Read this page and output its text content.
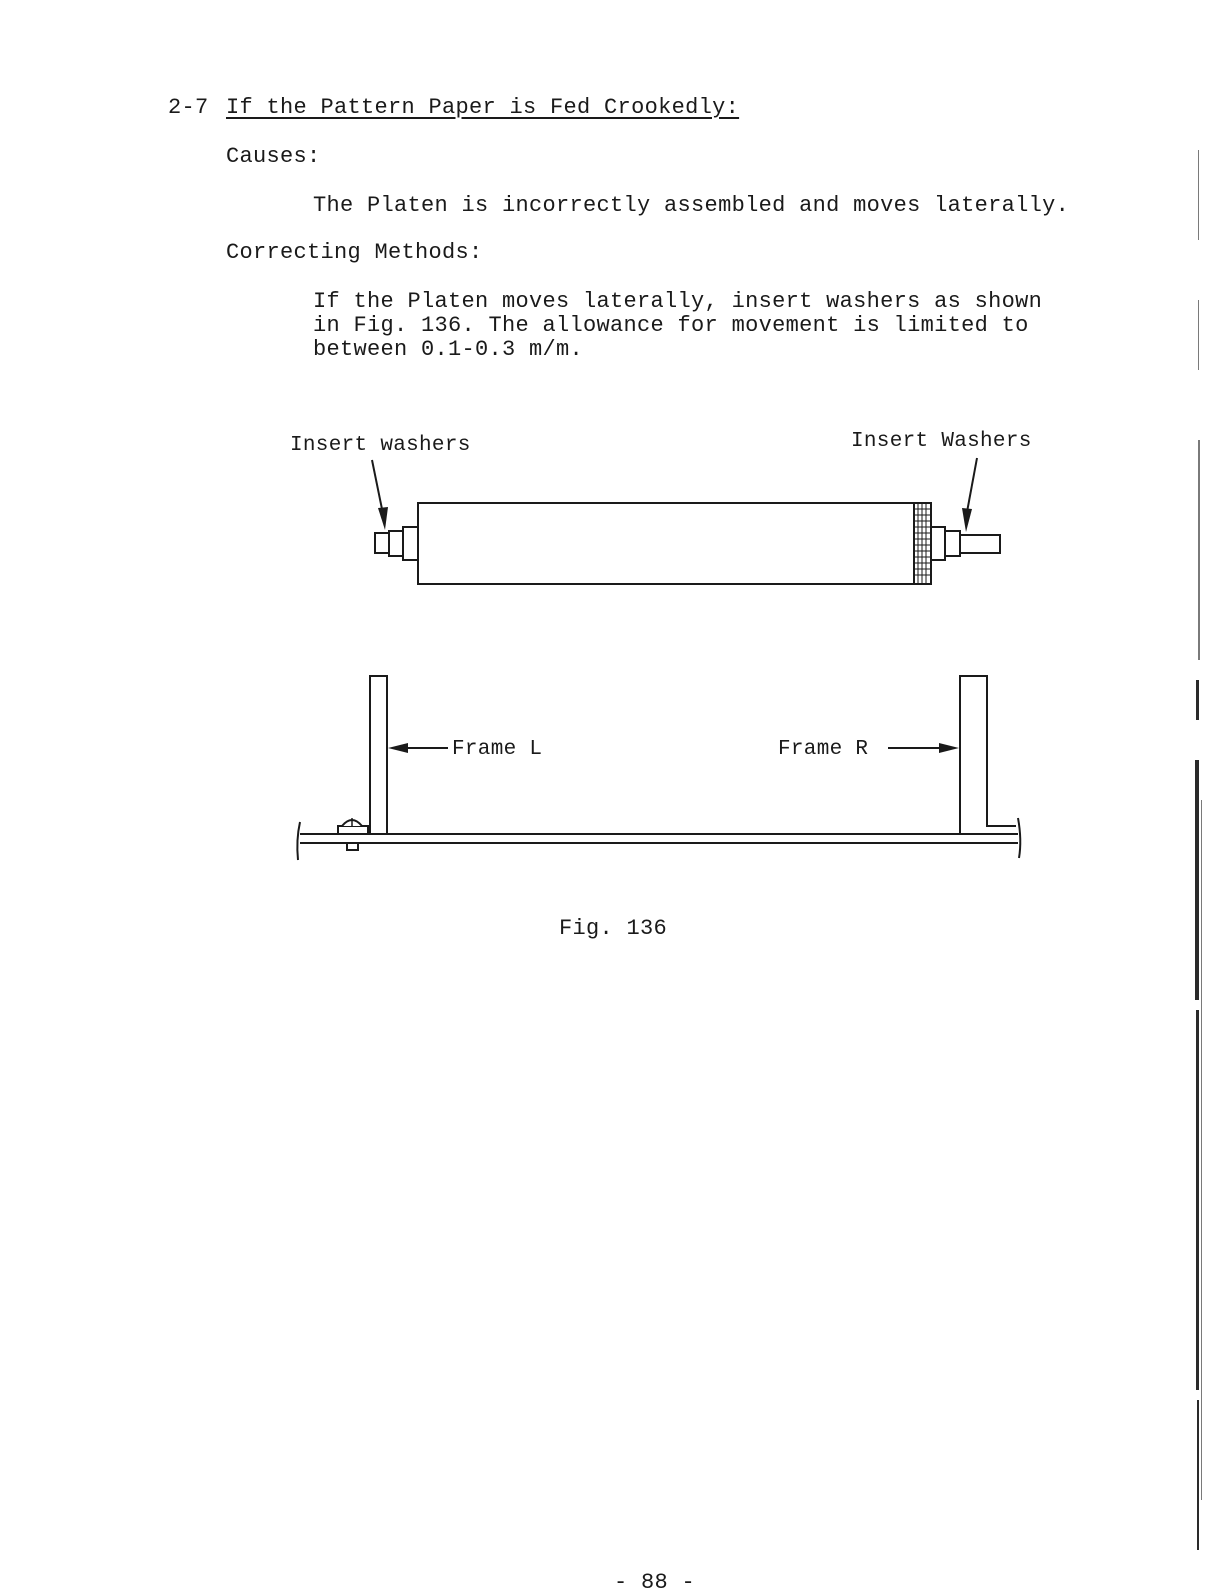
2-7 If the Pattern Paper is Fed Crookedly:
Causes:
The Platen is incorrectly assembled and moves laterally.
Correcting Methods:
If the Platen moves laterally, insert washers as shown
in Fig. 136. The allowance for movement is limited to
between 0.1-0.3 m/m.
Insert washers	Insert Washers
Frame L	Frame R
Fig. 136
- 88 -
